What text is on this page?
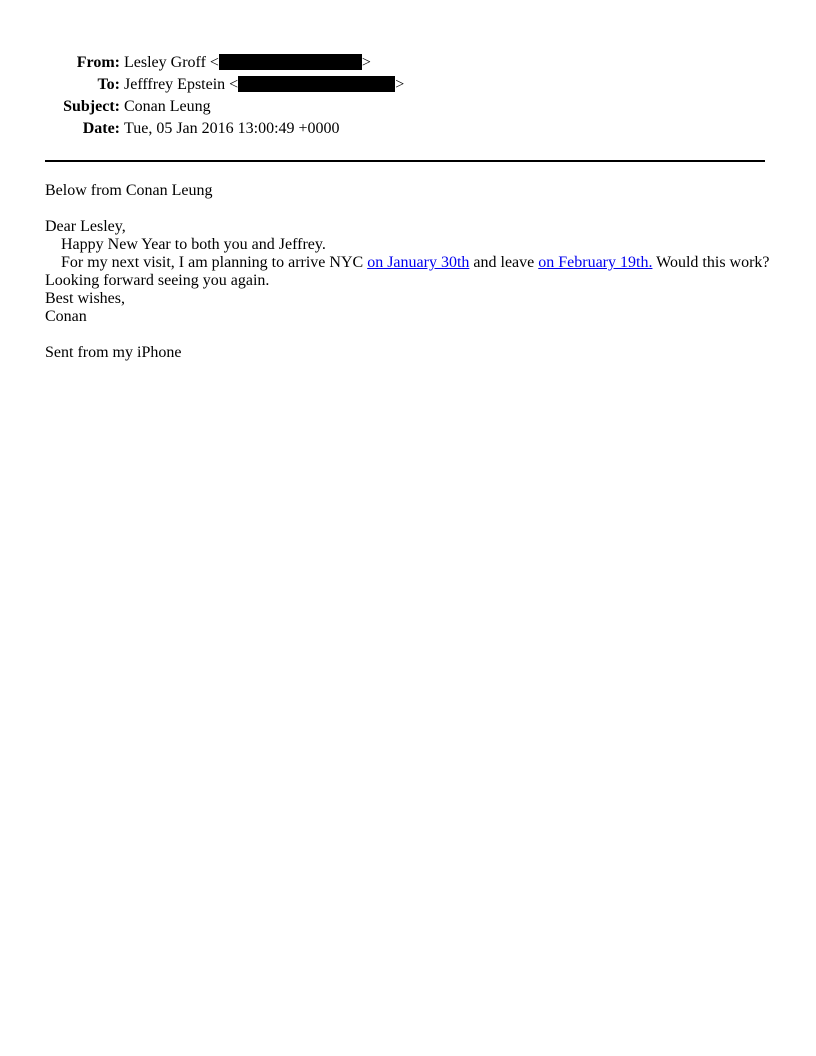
From:	Lesley Groff < >
To:	Jefffrey Epstein < >
Subject:	Conan Leung
Date:	Tue, 05 Jan 2016 13:00:49 +0000

Below from Conan Leung

Dear Lesley,

Happy New Year to both you and Jeffrey.

For my next visit, I am planning to arrive NYC on January 30th and leave on February 19th. Would this work?

Looking forward seeing you again.

Best wishes,

Conan

Sent from my iPhone
